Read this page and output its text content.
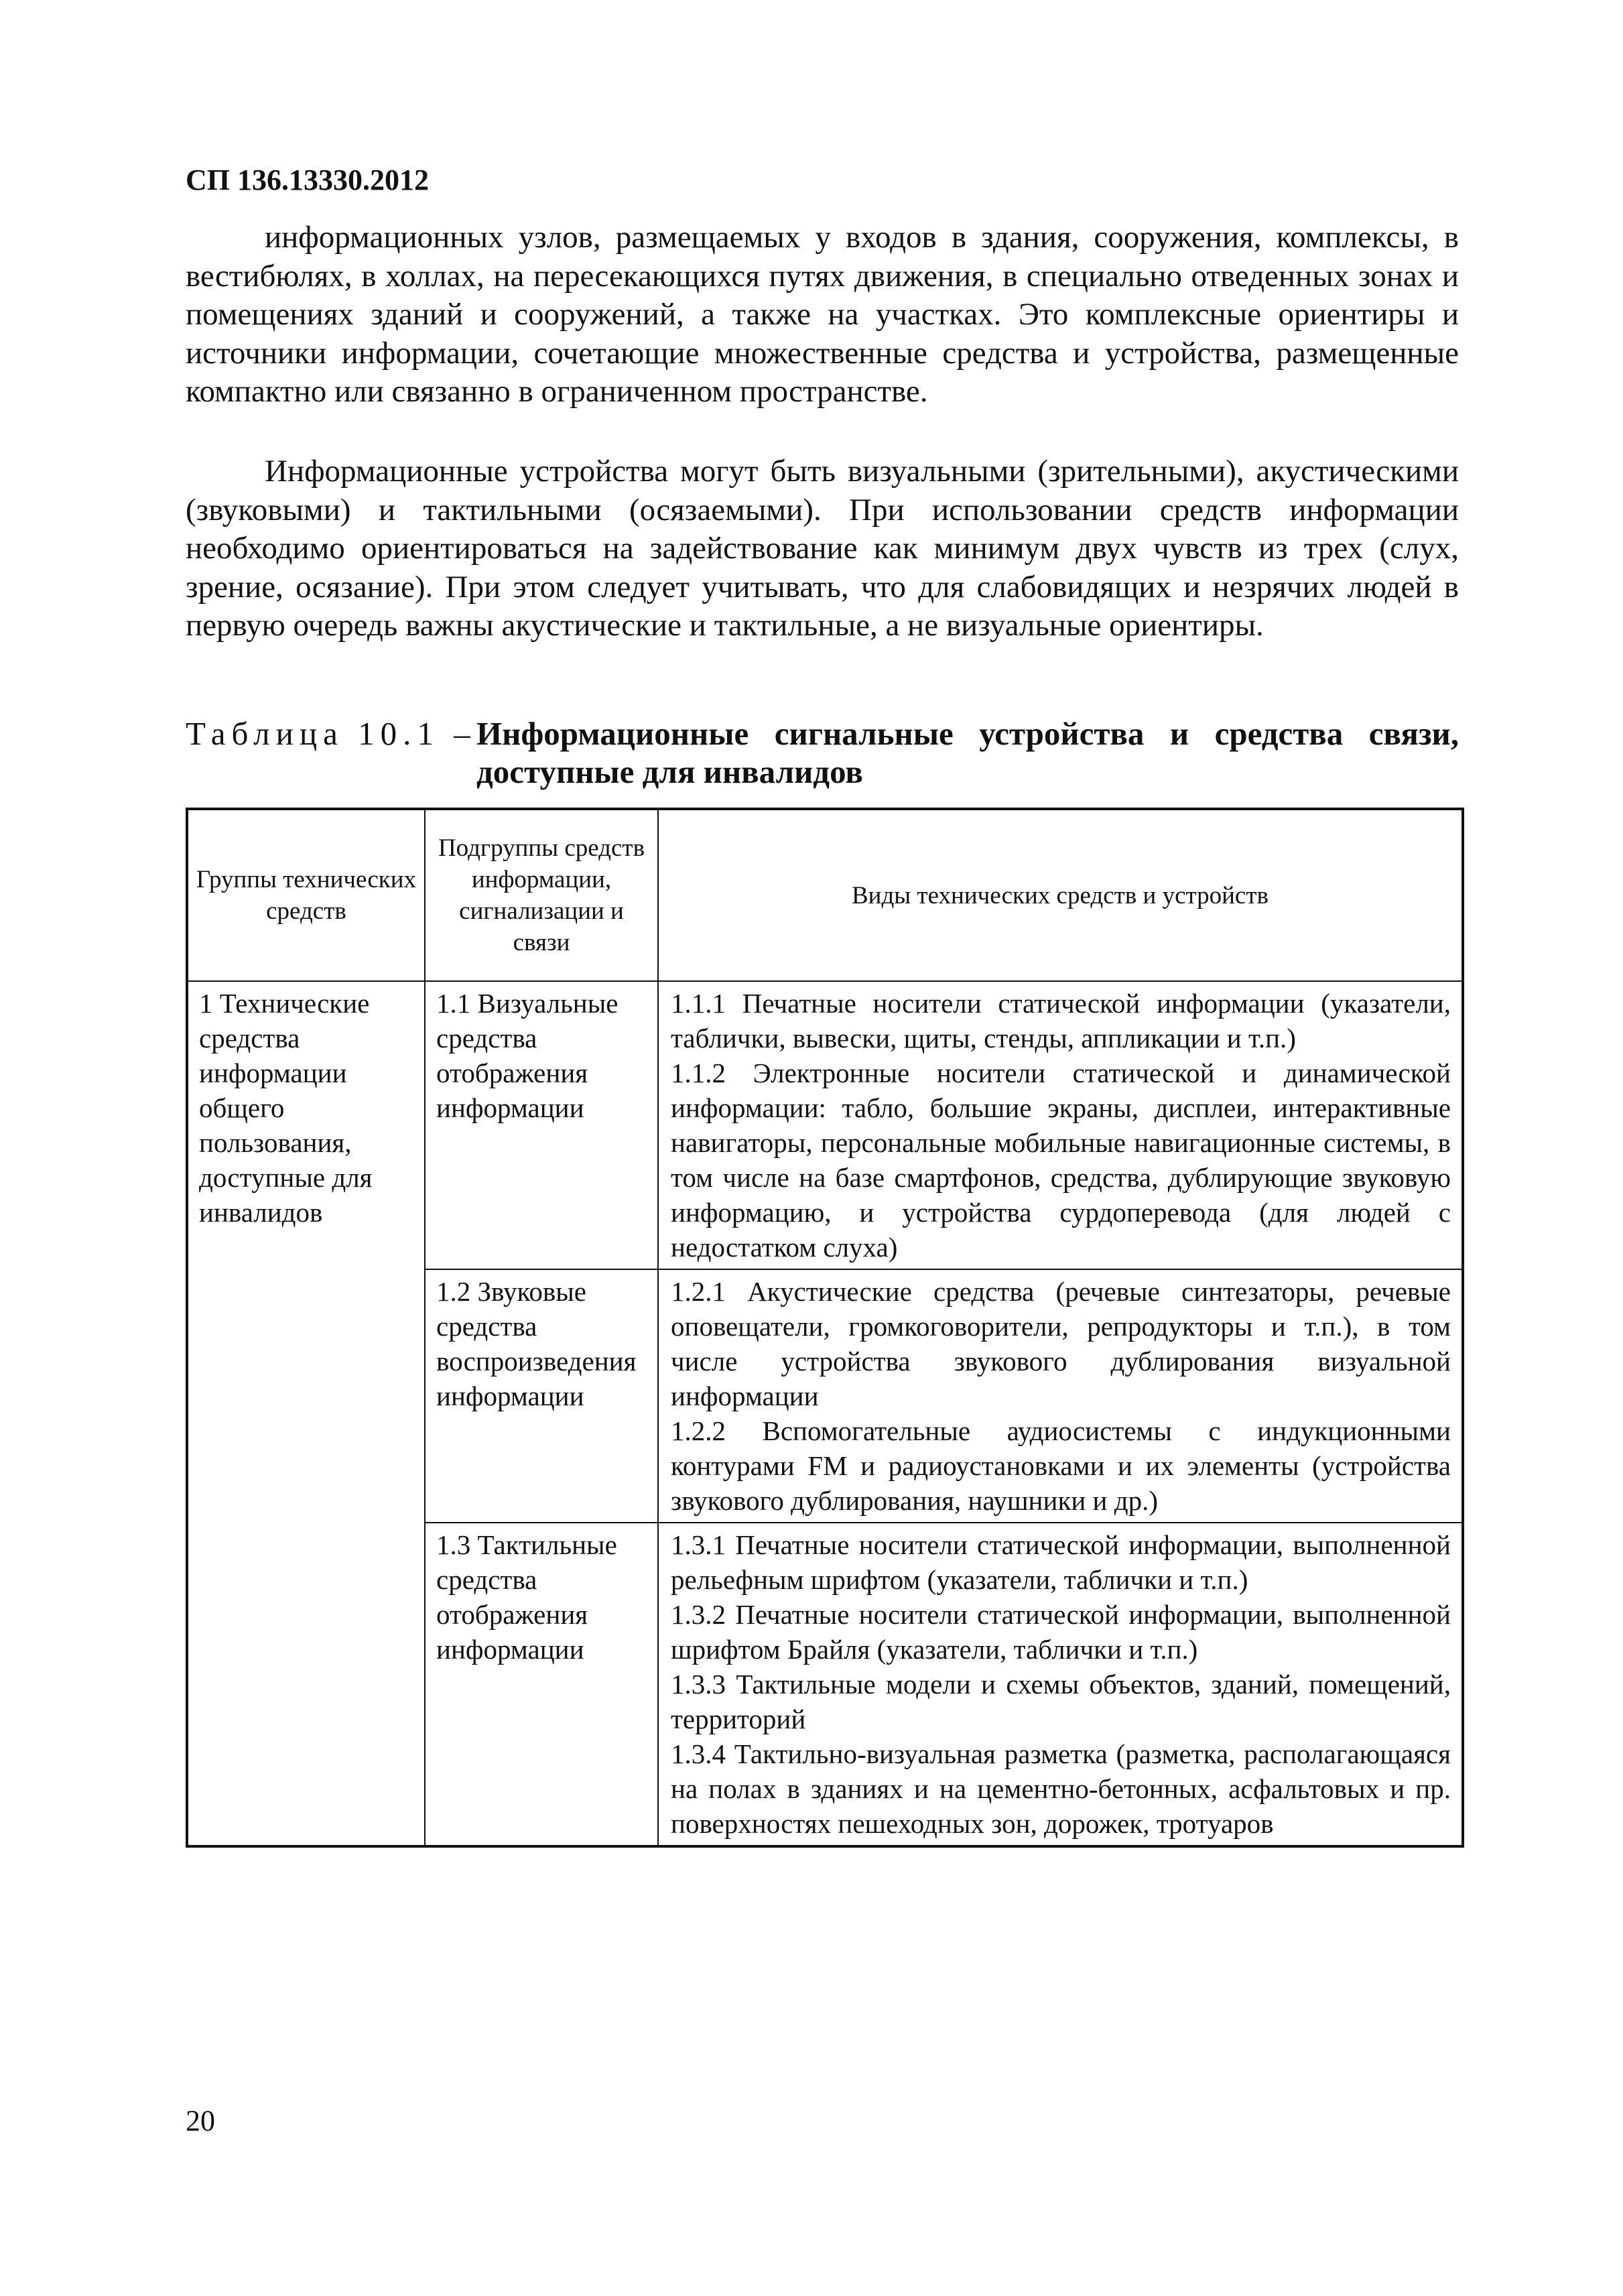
СП 136.13330.2012

информационных узлов, размещаемых у входов в здания, сооружения, комплексы, в вестибюлях, в холлах, на пересекающихся путях движения, в специально отведенных зонах и помещениях зданий и сооружений, а также на участках. Это комплексные ориентиры и источники информации, сочетающие множественные средства и устройства, размещенные компактно или связанно в ограниченном пространстве.

Информационные устройства могут быть визуальными (зрительными), акустическими (звуковыми) и тактильными (осязаемыми). При использовании средств информации необходимо ориентироваться на задействование как минимум двух чувств из трех (слух, зрение, осязание). При этом следует учитывать, что для слабовидящих и незрячих людей в первую очередь важны акустические и тактильные, а не визуальные ориентиры.

Таблица 10.1 – Информационные сигнальные устройства и средства связи, доступные для инвалидов
Группы технических средств	Подгруппы средств информации, сигнализации и связи	Виды технических средств и устройств
1 Технические средства информации общего пользования, доступные для инвалидов	1.1 Визуальные средства отображения информации	1.1.1 Печатные носители статической информации (указатели, таблички, вывески, щиты, стенды, аппликации и т.п.)
1.1.2 Электронные носители статической и динамической информации: табло, большие экраны, дисплеи, интерактивные навигаторы, персональные мобильные навигационные системы, в том числе на базе смартфонов, средства, дублирующие звуковую информацию, и устройства сурдоперевода (для людей с недостатком слуха)

	1.2 Звуковые средства воспроизведения информации	1.2.1 Акустические средства (речевые синтезаторы, речевые оповещатели, громкоговорители, репродукторы и т.п.), в том числе устройства звукового дублирования визуальной информации
1.2.2 Вспомогательные аудиосистемы с индукционными контурами FM и радиоустановками и их элементы (устройства звукового дублирования, наушники и др.)

	1.3 Тактильные средства отображения информации	1.3.1 Печатные носители статической информации, выполненной рельефным шрифтом (указатели, таблички и т.п.)
1.3.2 Печатные носители статической информации, выполненной шрифтом Брайля (указатели, таблички и т.п.)
1.3.3 Тактильные модели и схемы объектов, зданий, помещений, территорий
1.3.4 Тактильно-визуальная разметка (разметка, располагающаяся на полах в зданиях и на цементно-бетонных, асфальтовых и пр. поверхностях пешеходных зон, дорожек, тротуаров
20
